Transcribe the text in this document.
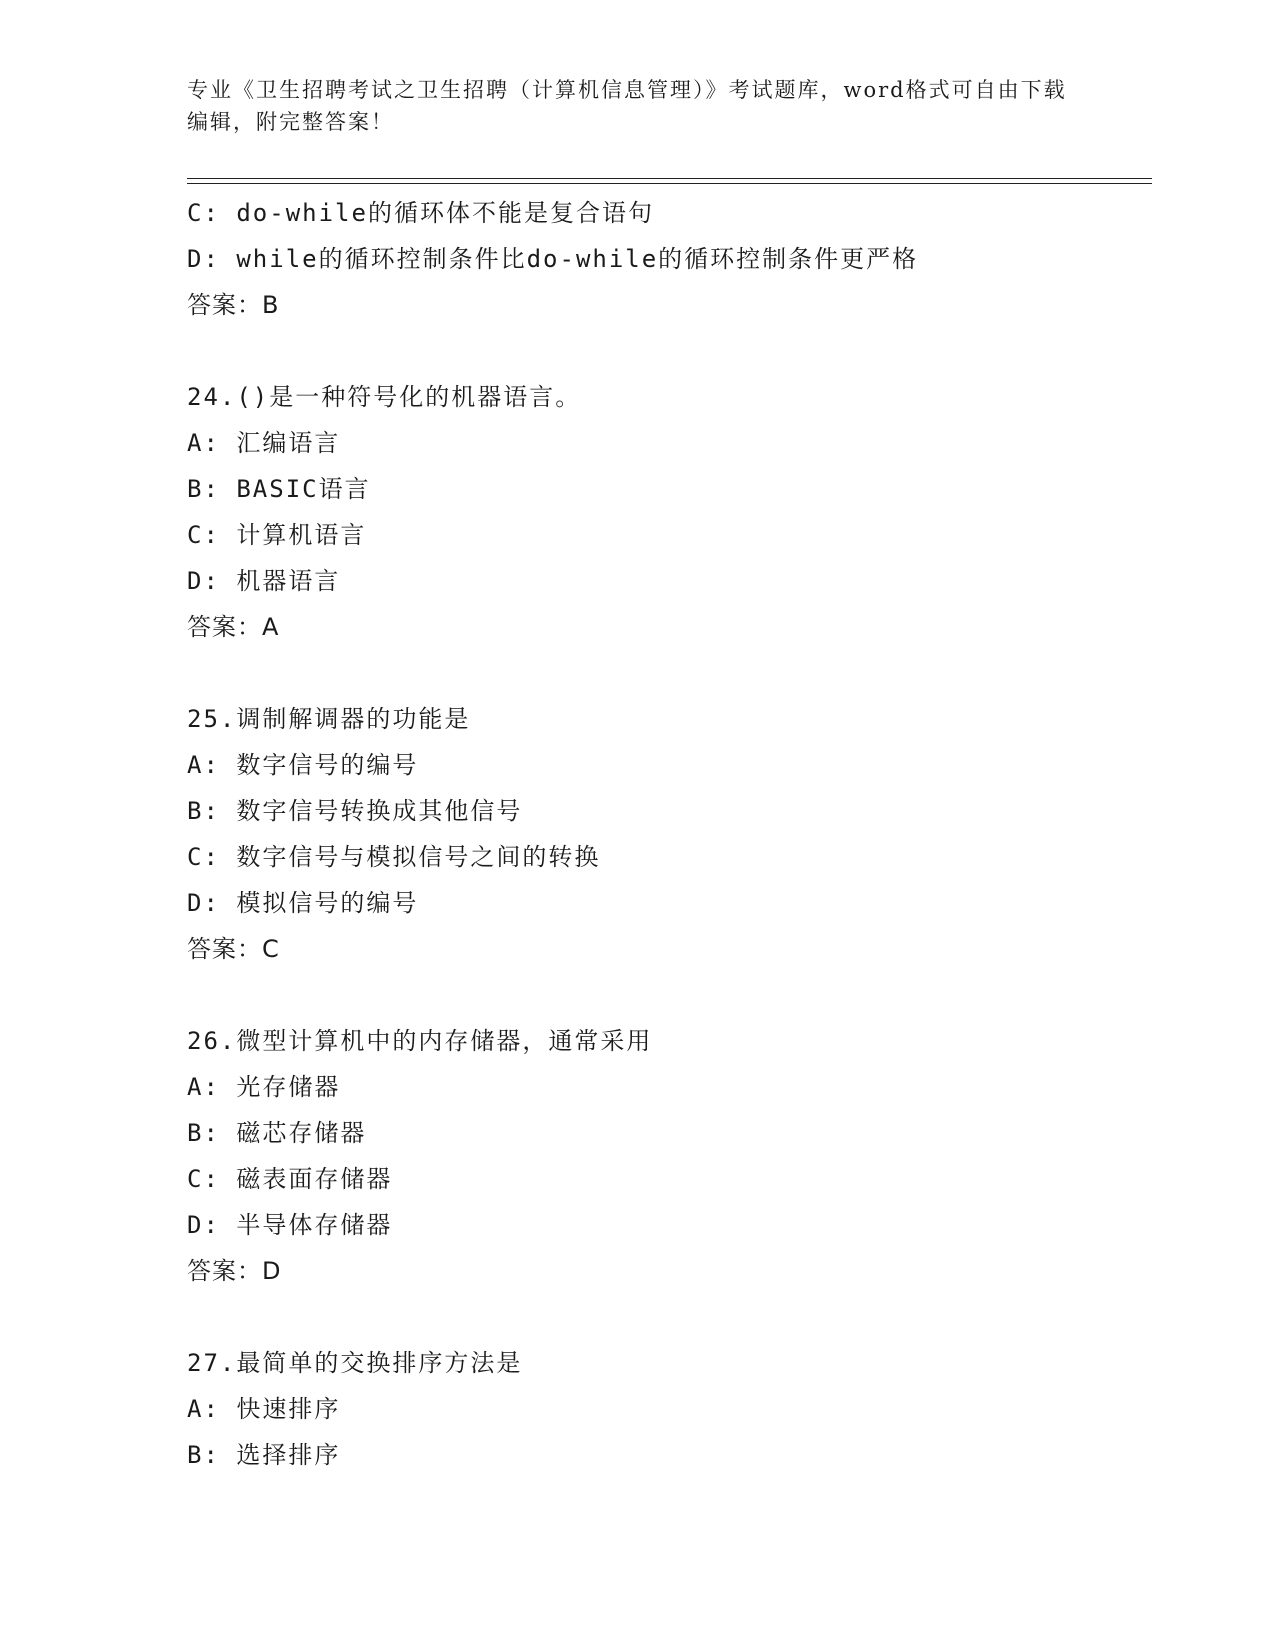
专业《卫生招聘考试之卫生招聘（计算机信息管理）》考试题库，word格式可自由下载编辑，附完整答案！
C: do-while的循环体不能是复合语句
D: while的循环控制条件比do-while的循环控制条件更严格
答案：B
24.()是一种符号化的机器语言。
A: 汇编语言
B: BASIC语言
C: 计算机语言
D: 机器语言
答案：A
25.调制解调器的功能是
A: 数字信号的编号
B: 数字信号转换成其他信号
C: 数字信号与模拟信号之间的转换
D: 模拟信号的编号
答案：C
26.微型计算机中的内存储器，通常采用
A: 光存储器
B: 磁芯存储器
C: 磁表面存储器
D: 半导体存储器
答案：D
27.最简单的交换排序方法是
A: 快速排序
B: 选择排序
